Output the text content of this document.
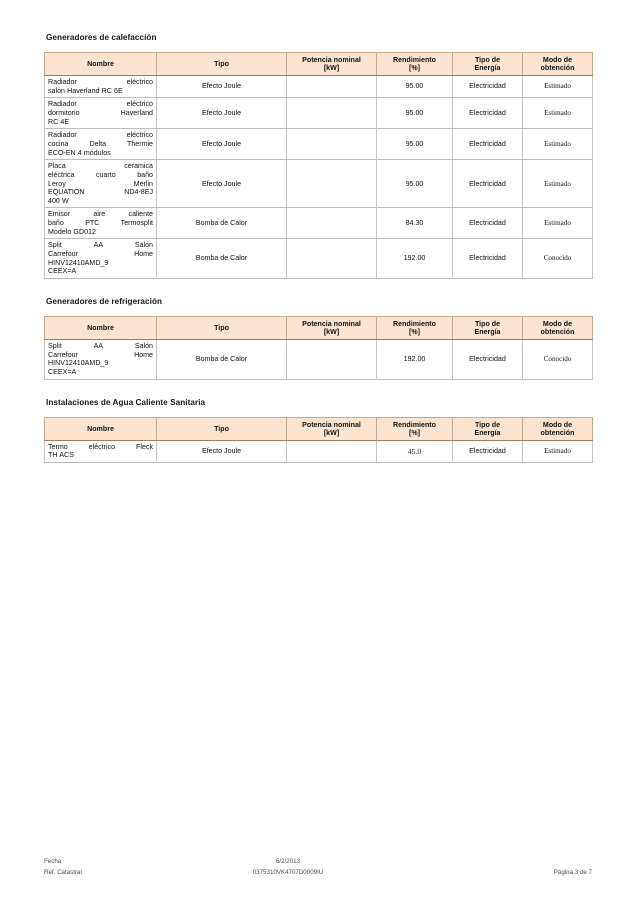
Generadores de calefacción
Nombre	Tipo	Potencia nominal
[kW]	Rendimiento
[%]	Tipo de
Energía	Modo de
obtención

Radiador eléctrico
salón Haverland RC 6E	Efecto Joule		95.00	Electricidad	Estimado

Radiador eléctrico
dormitorio Haverland
RC 4E	Efecto Joule		95.00	Electricidad	Estimado

Radiador eléctrico
cocina Delta Thermie
ECO-EN 4 módulos	Efecto Joule		95.00	Electricidad	Estimado

Placa ceramica
eléctrica cuarto baño
Leroy Merlin
EQUATION ND4-8EJ
400 W	Efecto Joule		95.00	Electricidad	Estimado

Emisor aire caliente
baño PTC Termosplit
Modelo GD012	Bomba de Calor		84.30	Electricidad	Estimado

Split AA Salón
Carrefour Home
HINV12410AMD_9
CEEX=A	Bomba de Calor		192.00	Electricidad	Conocido
Generadores de refrigeración
Nombre	Tipo	Potencia nominal
[kW]	Rendimiento
[%]	Tipo de
Energía	Modo de
obtención

Split AA Salón
Carrefour Home
HINV12410AMD_9
CEEX=A	Bomba de Calor		192.00	Electricidad	Conocido
Instalaciones de Agua Caliente Sanitaria
Nombre	Tipo	Potencia nominal
[kW]	Rendimiento
[%]	Tipo de
Energía	Modo de
obtención

Termo eléctrico Fleck
TH ACS	Efecto Joule		45.0	Electricidad	Estimado
Fecha	6/2/2013
Ref. Catastral	0375310VK4707D0009IU	Página 3 de 7
